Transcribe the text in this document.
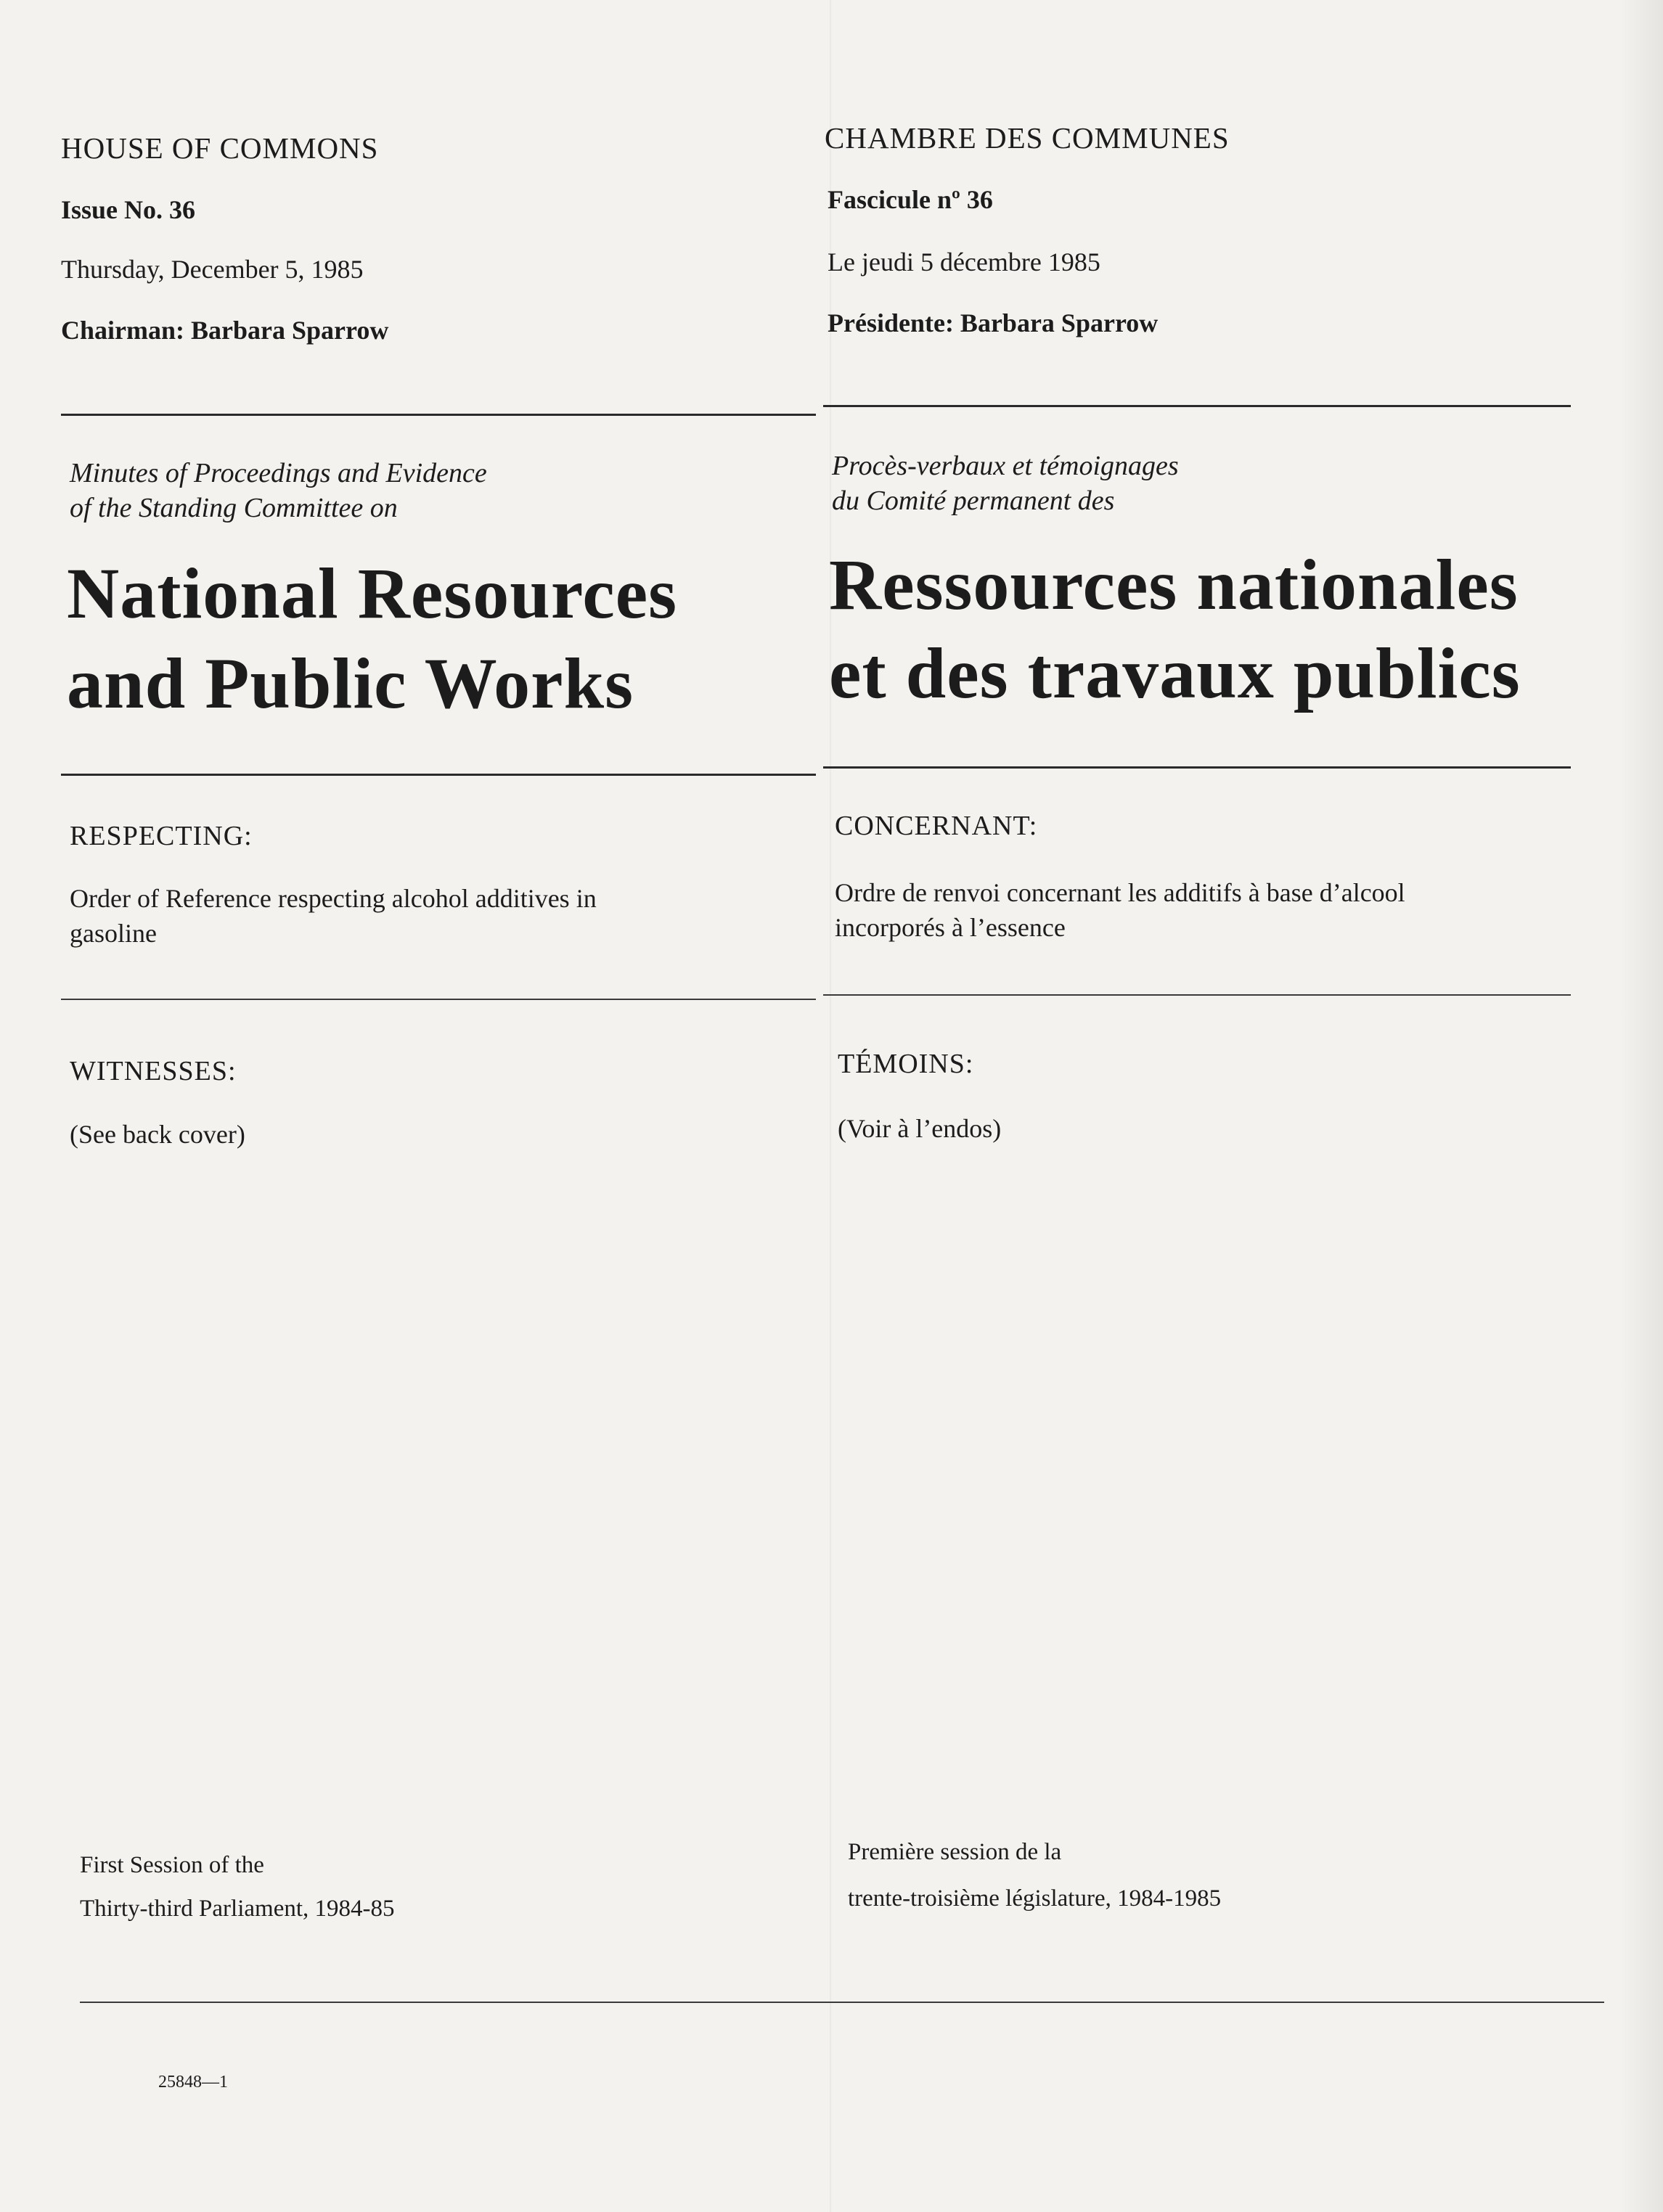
HOUSE OF COMMONS
Issue No. 36
Thursday, December 5, 1985
Chairman: Barbara Sparrow
Minutes of Proceedings and Evidence
of the Standing Committee on
National Resources
and Public Works
RESPECTING:
Order of Reference respecting alcohol additives in
gasoline
WITNESSES:
(See back cover)
First Session of the
Thirty-third Parliament, 1984-85
25848—1
CHAMBRE DES COMMUNES
Fascicule nº 36
Le jeudi 5 décembre 1985
Présidente: Barbara Sparrow
Procès-verbaux et témoignages
du Comité permanent des
Ressources nationales
et des travaux publics
CONCERNANT:
Ordre de renvoi concernant les additifs à base d’alcool
incorporés à l’essence
TÉMOINS:
(Voir à l’endos)
Première session de la
trente-troisième législature, 1984-1985
